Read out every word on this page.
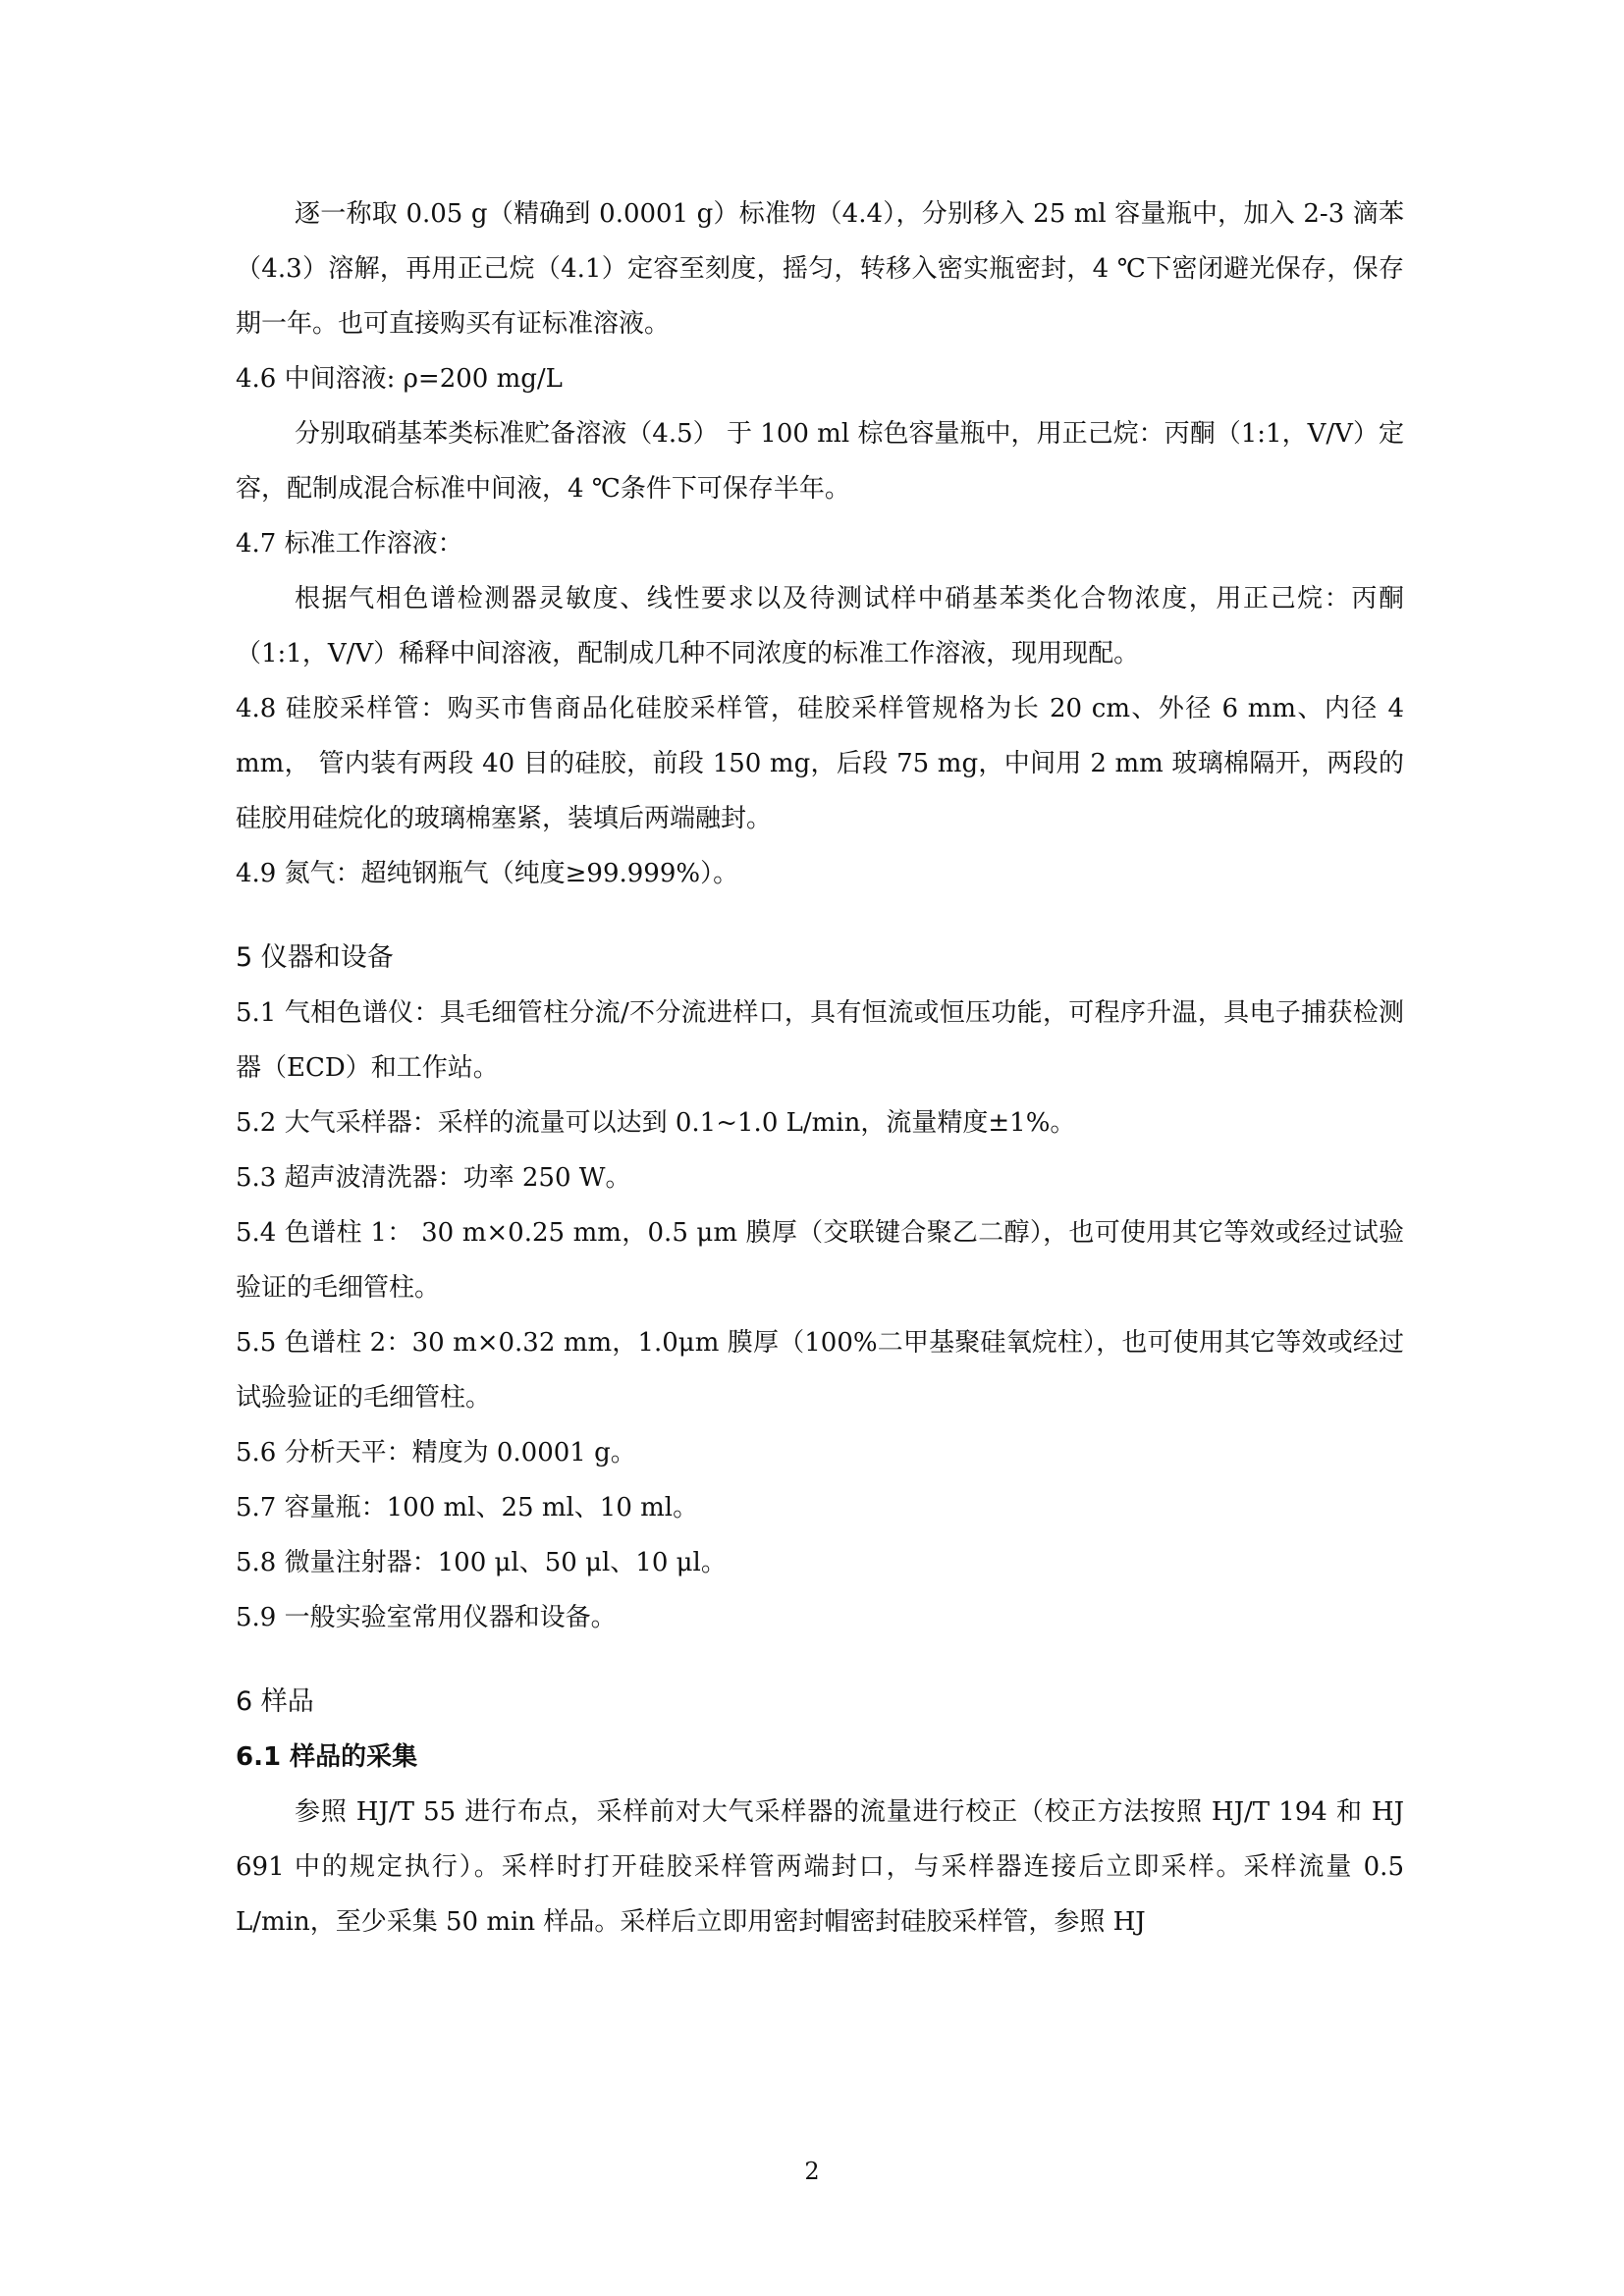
逐一称取 0.05 g（精确到 0.0001 g）标准物（4.4），分别移入 25 ml 容量瓶中，加入 2-3 滴苯（4.3）溶解，再用正己烷（4.1）定容至刻度，摇匀，转移入密实瓶密封，4 ℃下密闭避光保存，保存期一年。也可直接购买有证标准溶液。

4.6 中间溶液: ρ=200 mg/L

分别取硝基苯类标准贮备溶液（4.5） 于 100 ml 棕色容量瓶中，用正己烷：丙酮（1:1，V/V）定容，配制成混合标准中间液，4 ℃条件下可保存半年。

4.7 标准工作溶液：

根据气相色谱检测器灵敏度、线性要求以及待测试样中硝基苯类化合物浓度，用正己烷：丙酮（1:1，V/V）稀释中间溶液，配制成几种不同浓度的标准工作溶液，现用现配。

4.8 硅胶采样管：购买市售商品化硅胶采样管，硅胶采样管规格为长 20 cm、外径 6 mm、内径 4 mm， 管内装有两段 40 目的硅胶，前段 150 mg，后段 75 mg，中间用 2 mm 玻璃棉隔开，两段的硅胶用硅烷化的玻璃棉塞紧，装填后两端融封。

4.9 氮气：超纯钢瓶气（纯度≥99.999%）。

5 仪器和设备

5.1 气相色谱仪：具毛细管柱分流/不分流进样口，具有恒流或恒压功能，可程序升温，具电子捕获检测器（ECD）和工作站。

5.2 大气采样器：采样的流量可以达到 0.1~1.0 L/min，流量精度±1%。

5.3 超声波清洗器：功率 250 W。

5.4 色谱柱 1： 30 m×0.25 mm，0.5 μm 膜厚（交联键合聚乙二醇），也可使用其它等效或经过试验验证的毛细管柱。

5.5 色谱柱 2：30 m×0.32 mm，1.0μm 膜厚（100%二甲基聚硅氧烷柱），也可使用其它等效或经过试验验证的毛细管柱。

5.6 分析天平：精度为 0.0001 g。

5.7 容量瓶：100 ml、25 ml、10 ml。

5.8 微量注射器：100 μl、50 μl、10 μl。

5.9 一般实验室常用仪器和设备。

6 样品

6.1 样品的采集

参照 HJ/T 55 进行布点，采样前对大气采样器的流量进行校正（校正方法按照 HJ/T 194 和 HJ 691 中的规定执行）。采样时打开硅胶采样管两端封口，与采样器连接后立即采样。采样流量 0.5 L/min，至少采集 50 min 样品。采样后立即用密封帽密封硅胶采样管，参照 HJ

2
